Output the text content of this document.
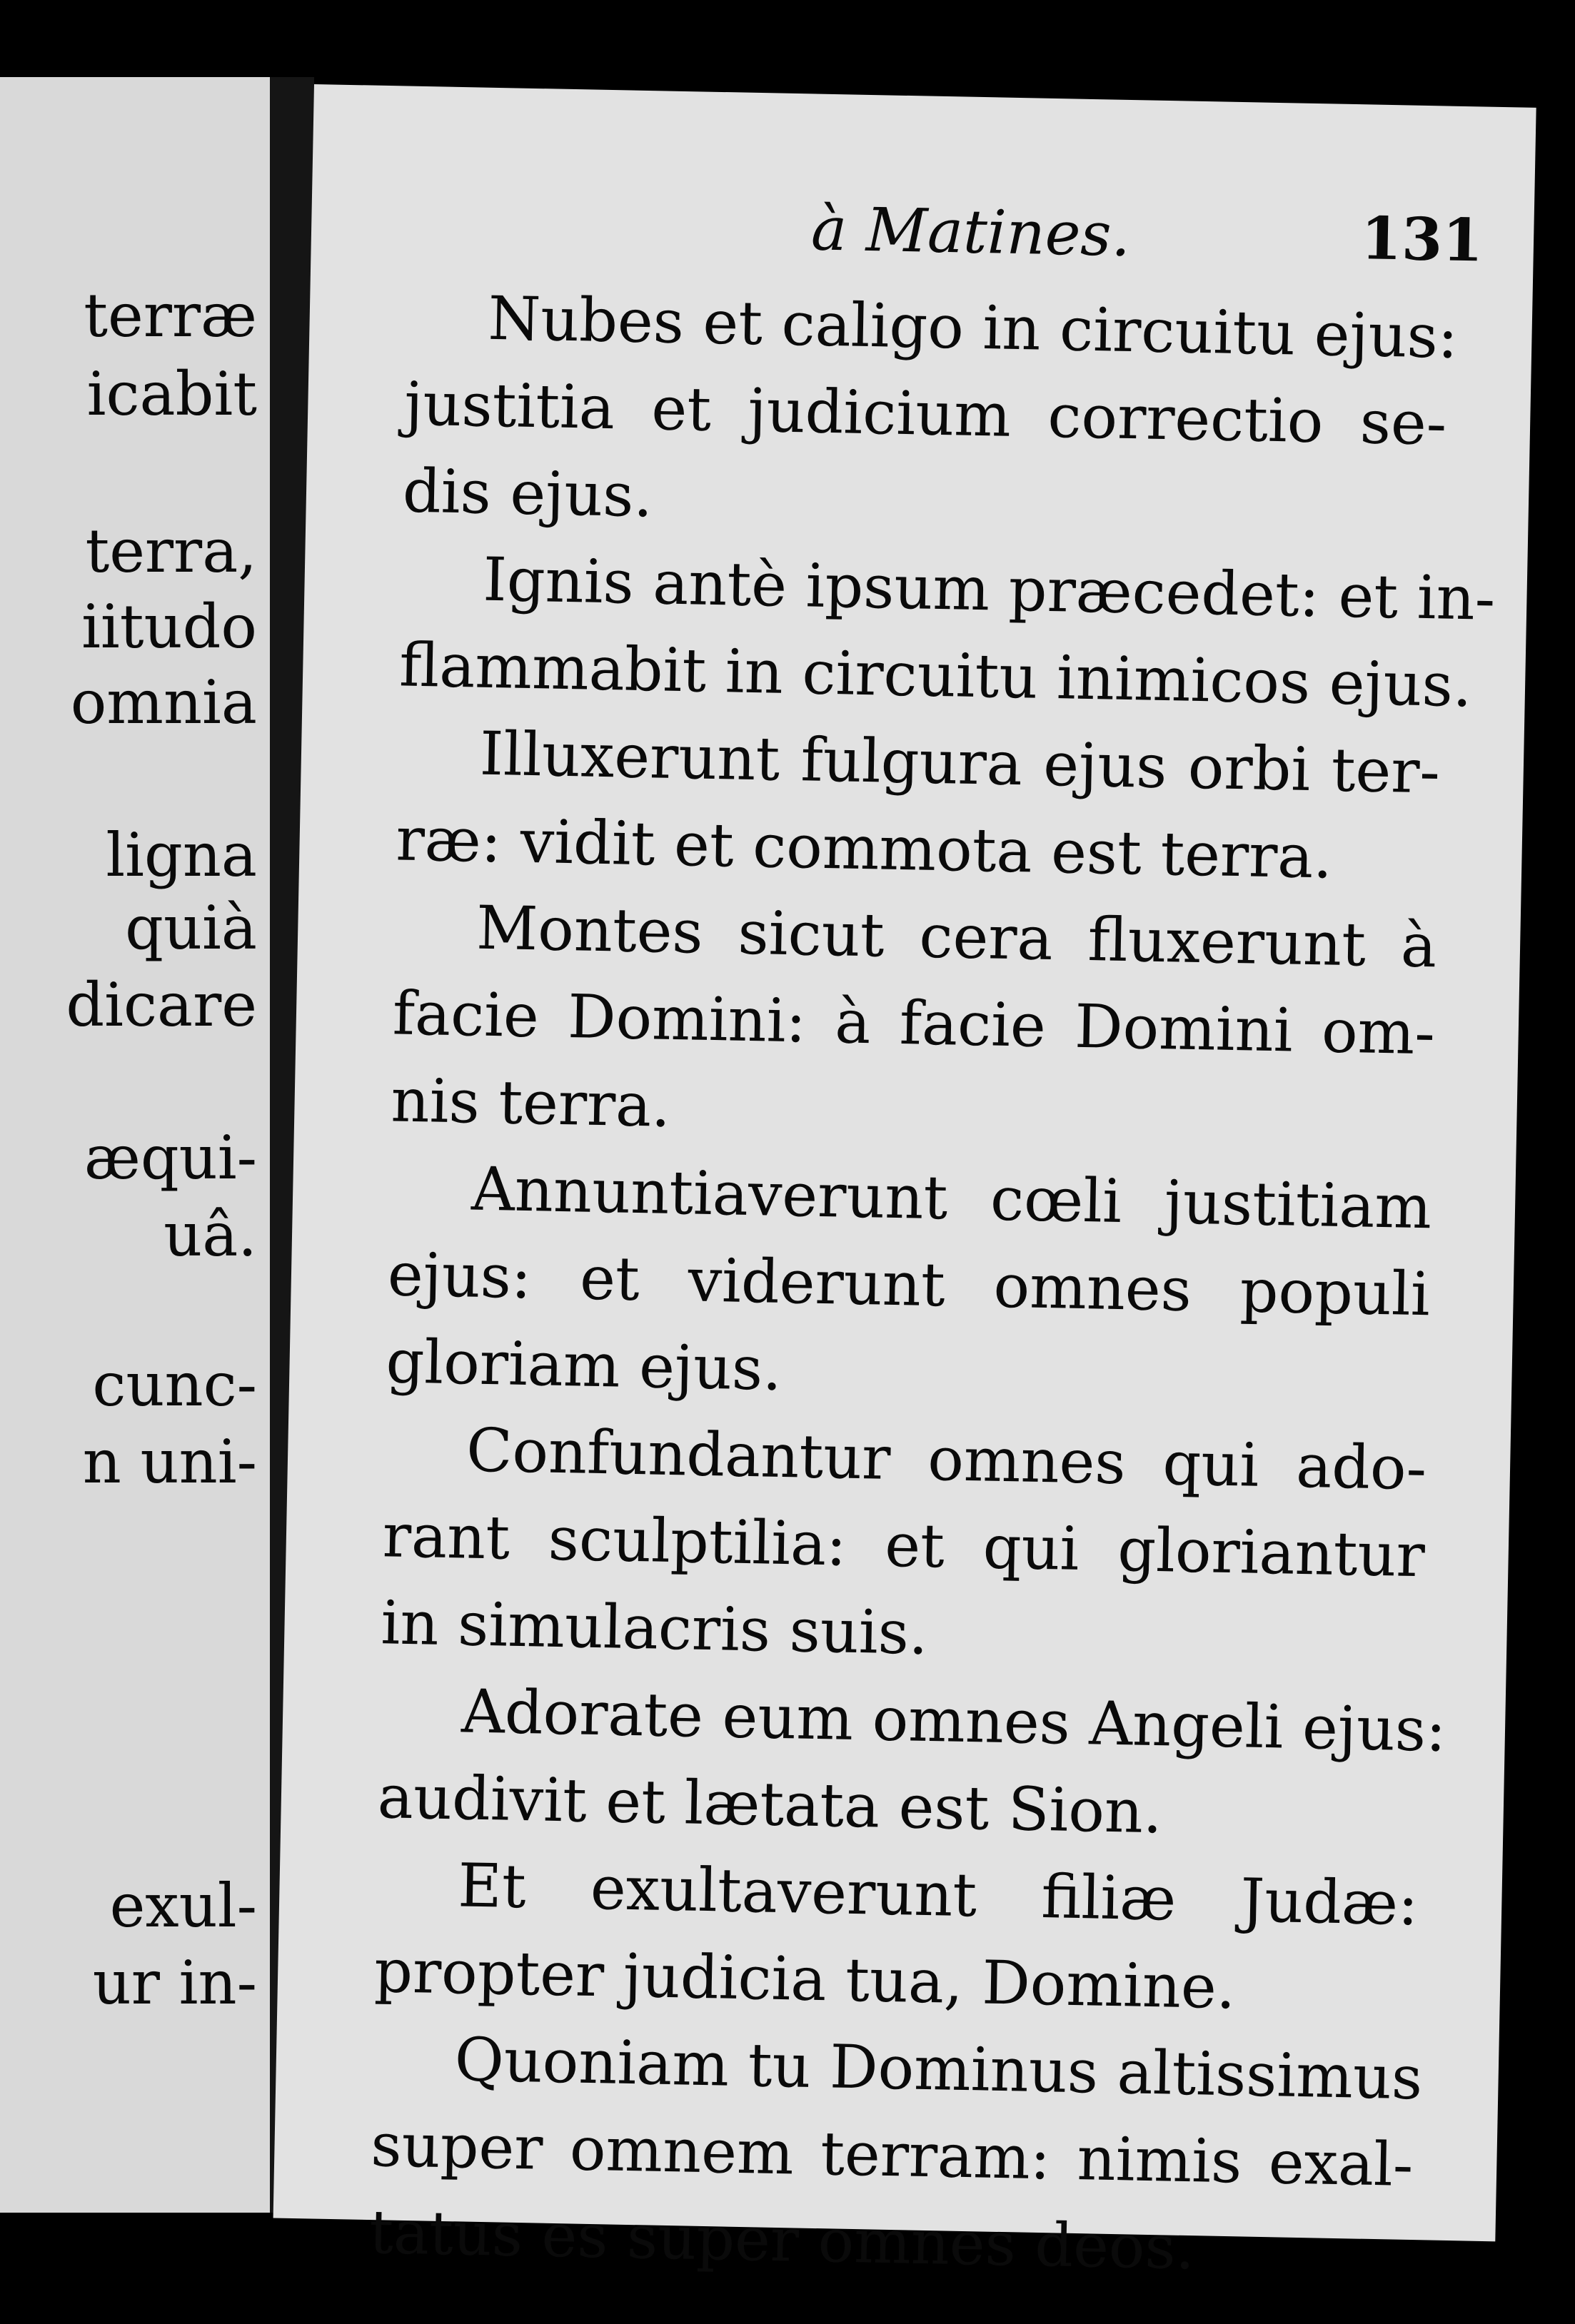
terræ
icabit
terra,
iitudo
omnia
ligna
quià
dicare
æqui-
uâ.
cunc-
n uni-
exul-
ur in-
à Matines.	131
Nubes et caligo in circuitu ejus:
justitia et judicium correctio se-
dis ejus.
Ignis antè ipsum præcedet: et in-
flammabit in circuitu inimicos ejus.
Illuxerunt fulgura ejus orbi ter-
ræ: vidit et commota est terra.
Montes sicut cera fluxerunt à
facie Domini: à facie Domini om-
nis terra.
Annuntiaverunt cœli justitiam
ejus: et viderunt omnes populi
gloriam ejus.
Confundantur omnes qui ado-
rant sculptilia: et qui gloriantur
in simulacris suis.
Adorate eum omnes Angeli ejus:
audivit et lætata est Sion.
Et exultaverunt filiæ Judæ:
propter judicia tua, Domine.
Quoniam tu Dominus altissimus
super omnem terram: nimis exal-
tatus es super omnes deos.
